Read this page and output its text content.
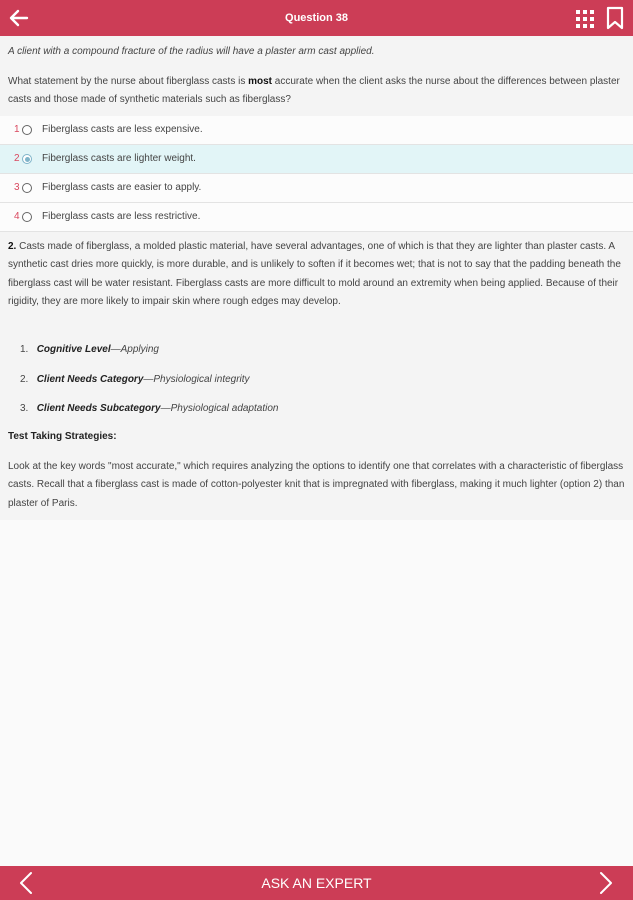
Question 38
A client with a compound fracture of the radius will have a plaster arm cast applied.
What statement by the nurse about fiberglass casts is most accurate when the client asks the nurse about the differences between plaster casts and those made of synthetic materials such as fiberglass?
1 Fiberglass casts are less expensive.
2 Fiberglass casts are lighter weight.
3 Fiberglass casts are easier to apply.
4 Fiberglass casts are less restrictive.
2. Casts made of fiberglass, a molded plastic material, have several advantages, one of which is that they are lighter than plaster casts. A synthetic cast dries more quickly, is more durable, and is unlikely to soften if it becomes wet; that is not to say that the padding beneath the fiberglass cast will be water resistant. Fiberglass casts are more difficult to mold around an extremity when being applied. Because of their rigidity, they are more likely to impair skin where rough edges may develop.
1. Cognitive Level—Applying
2. Client Needs Category—Physiological integrity
3. Client Needs Subcategory—Physiological adaptation
Test Taking Strategies:
Look at the key words "most accurate," which requires analyzing the options to identify one that correlates with a characteristic of fiberglass casts. Recall that a fiberglass cast is made of cotton-polyester knit that is impregnated with fiberglass, making it much lighter (option 2) than plaster of Paris.
ASK AN EXPERT
